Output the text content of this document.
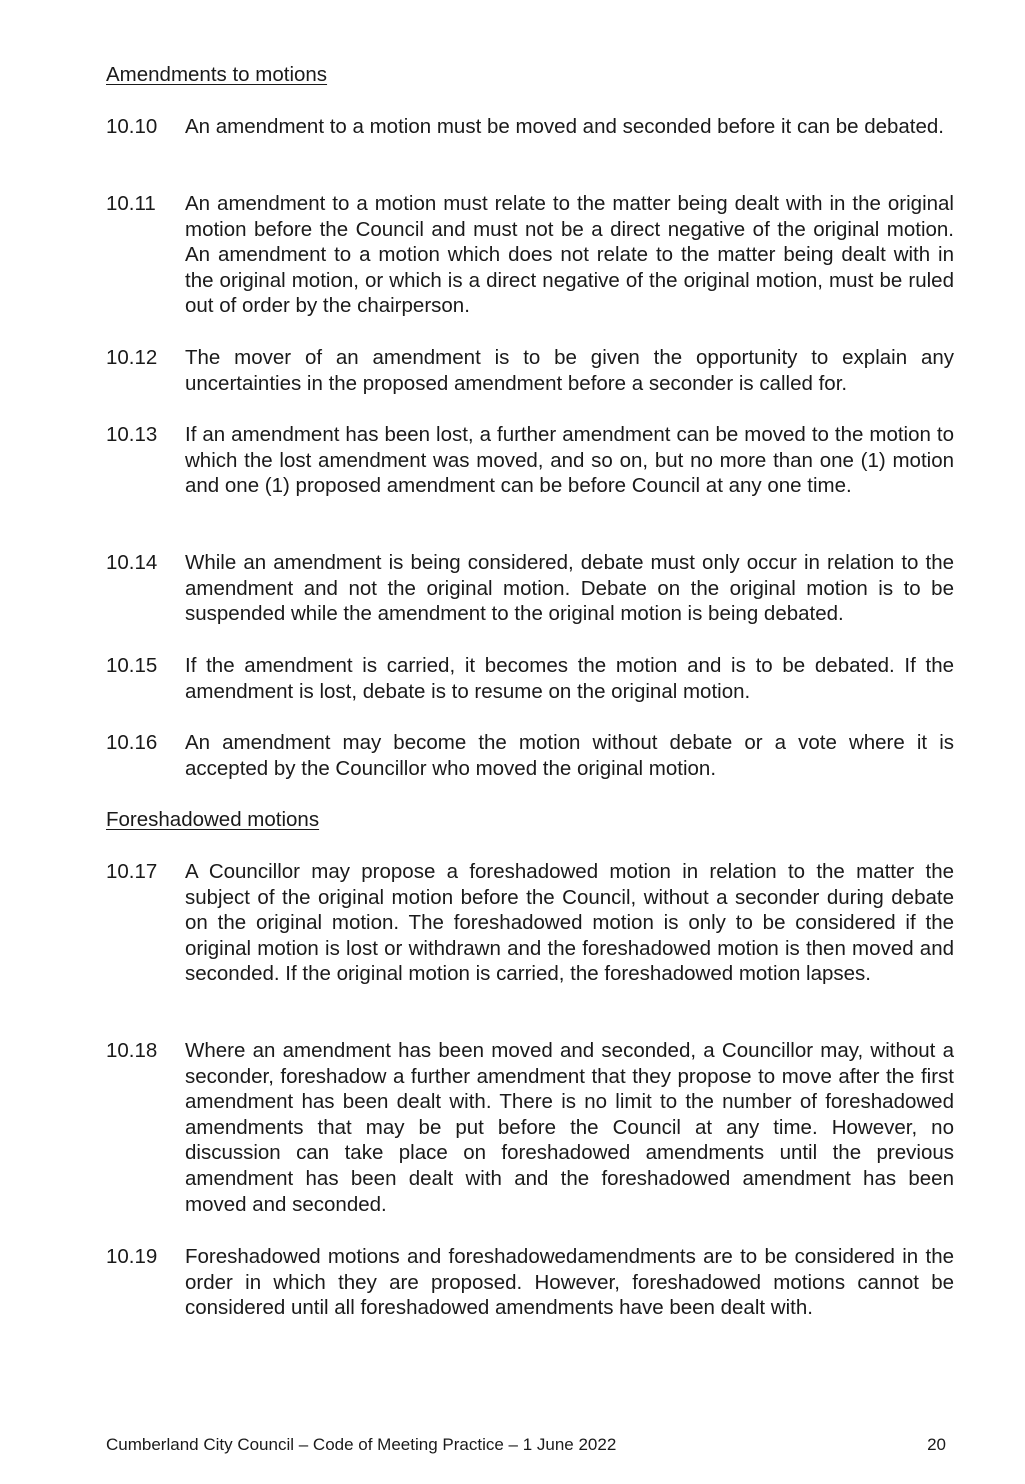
Amendments to motions
10.10	An amendment to a motion must be moved and seconded before it can be debated.
10.11	An amendment to a motion must relate to the matter being dealt with in the original motion before the Council and must not be a direct negative of the original motion. An amendment to a motion which does not relate to the matter being dealt with in the original motion, or which is a direct negative of the original motion, must be ruled out of order by the chairperson.
10.12	The mover of an amendment is to be given the opportunity to explain any uncertainties in the proposed amendment before a seconder is called for.
10.13	If an amendment has been lost, a further amendment can be moved to the motion to which the lost amendment was moved, and so on, but no more than one (1) motion and one (1) proposed amendment can be before Council at any one time.
10.14	While an amendment is being considered, debate must only occur in relation to the amendment and not the original motion. Debate on the original motion is to be suspended while the amendment to the original motion is being debated.
10.15	If the amendment is carried, it becomes the motion and is to be debated. If the amendment is lost, debate is to resume on the original motion.
10.16	An amendment may become the motion without debate or a vote where it is accepted by the Councillor who moved the original motion.
Foreshadowed motions
10.17	A Councillor may propose a foreshadowed motion in relation to the matter the subject of the original motion before the Council, without a seconder during debate on the original motion. The foreshadowed motion is only to be considered if the original motion is lost or withdrawn and the foreshadowed motion is then moved and seconded. If the original motion is carried, the foreshadowed motion lapses.
10.18	Where an amendment has been moved and seconded, a Councillor may, without a seconder, foreshadow a further amendment that they propose to move after the first amendment has been dealt with. There is no limit to the number of foreshadowed amendments that may be put before the Council at any time. However, no discussion can take place on foreshadowed amendments until the previous amendment has been dealt with and the foreshadowed amendment has been moved and seconded.
10.19	Foreshadowed motions and foreshadowedamendments are to be considered in the order in which they are proposed. However, foreshadowed motions cannot be considered until all foreshadowed amendments have been dealt with.
Cumberland City Council – Code of Meeting Practice – 1 June 2022	20
